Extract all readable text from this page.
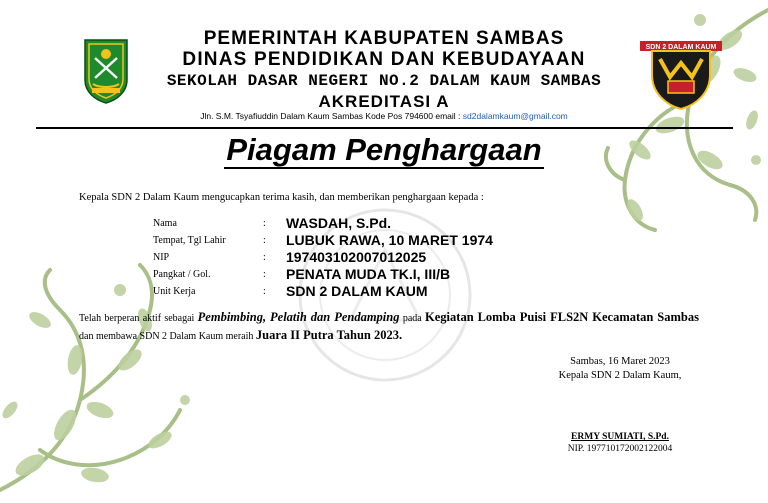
SDN 2 DALAM KAUM
PEMERINTAH KABUPATEN SAMBAS
DINAS PENDIDIKAN DAN KEBUDAYAAN
SEKOLAH DASAR NEGERI NO.2 DALAM KAUM SAMBAS
AKREDITASI A
Jln. S.M. Tsyafiuddin Dalam Kaum Sambas Kode Pos 794600 email : sd2dalamkaum@gmail.com
Piagam Penghargaan
Kepala SDN 2 Dalam Kaum mengucapkan terima kasih, dan memberikan penghargaan kepada :
Nama	: WASDAH, S.Pd.
Tempat, Tgl Lahir	: LUBUK RAWA, 10 MARET 1974
NIP	: 197403102007012025
Pangkat / Gol.	: PENATA MUDA TK.I, III/B
Unit Kerja	: SDN 2 DALAM KAUM
Telah berperan aktif sebagai Pembimbing, Pelatih dan Pendamping pada Kegiatan Lomba Puisi FLS2N Kecamatan Sambas dan membawa SDN 2 Dalam Kaum meraih Juara II Putra Tahun 2023.
Sambas, 16 Maret 2023
Kepala SDN 2 Dalam Kaum,
ERMY SUMIATI, S.Pd.
NIP. 197710172002122004
